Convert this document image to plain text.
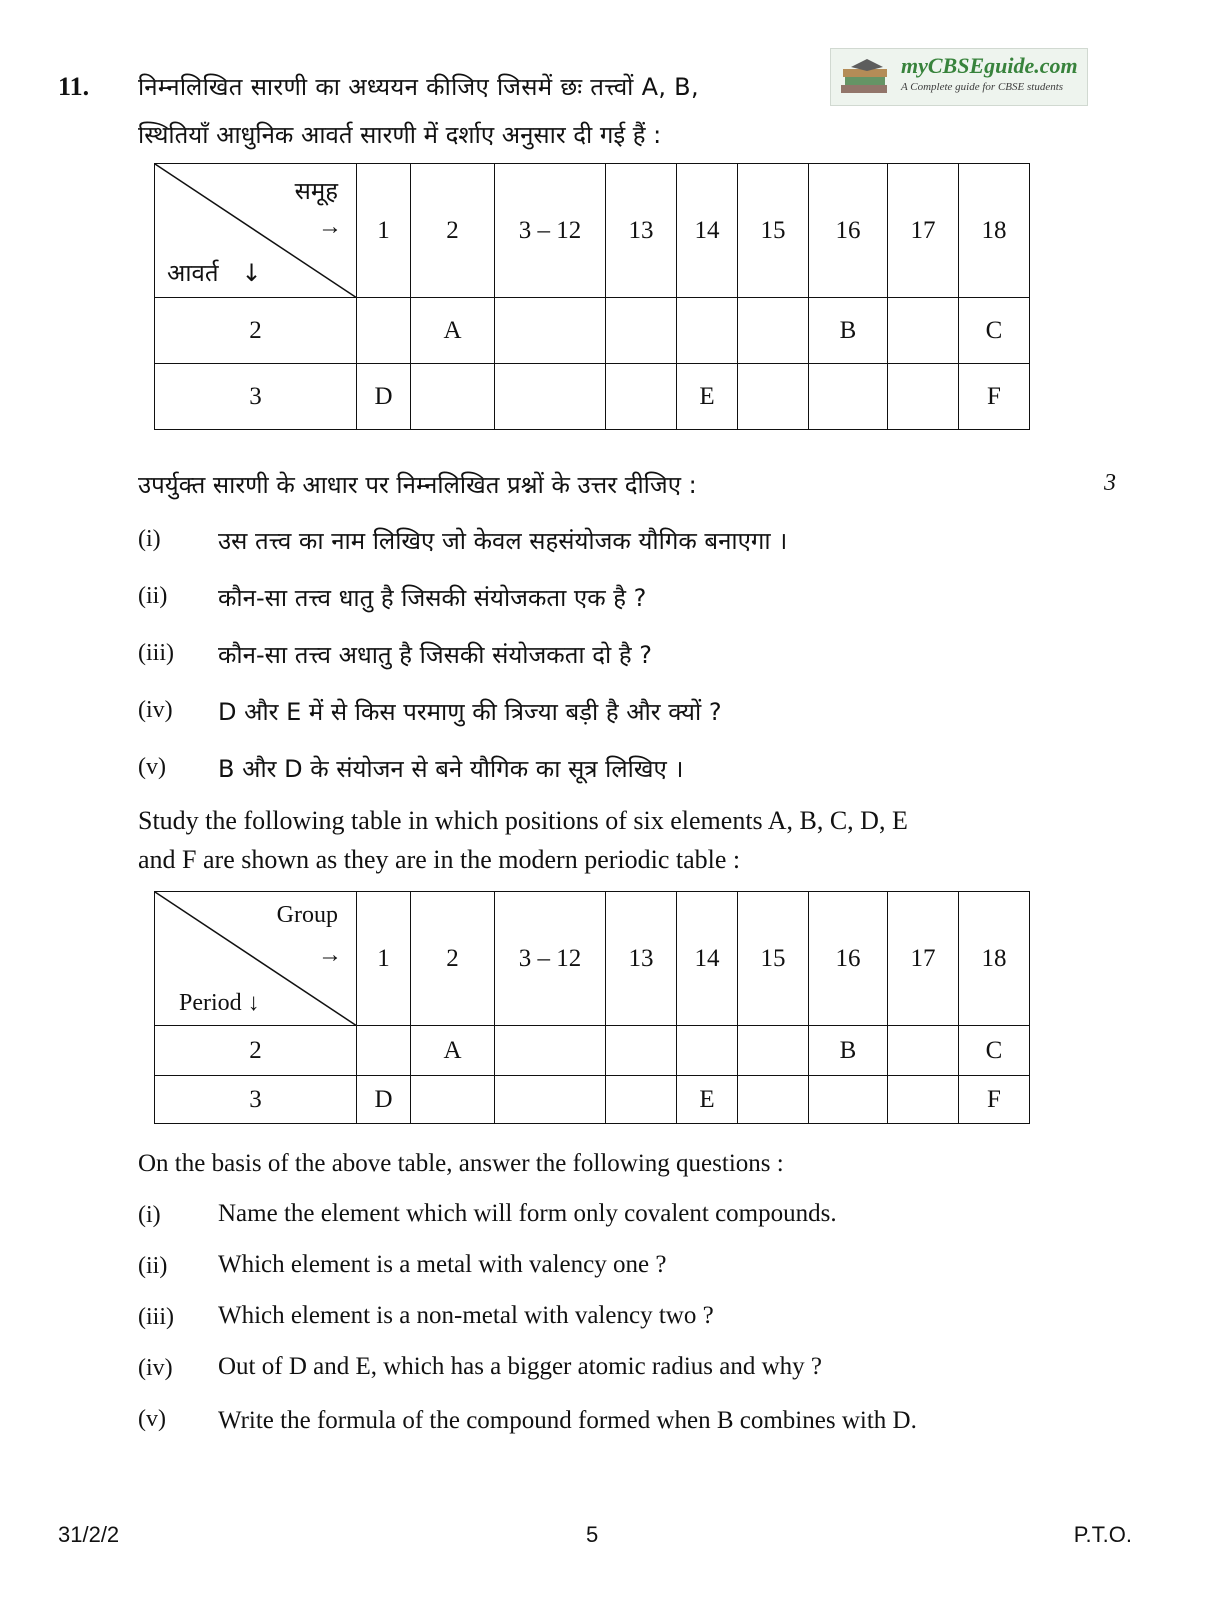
11. निम्नलिखित सारणी का अध्ययन कीजिए जिसमें छः तत्त्वों A, B,
स्थितियाँ आधुनिक आवर्त सारणी में दर्शाए अनुसार दी गई हैं :
myCBSEguide.com
A Complete guide for CBSE students
समूह
→
आवर्त ↓	1	2	3 – 12	13	14	15	16	17	18
2		A					B		C
3	D				E				F
उपर्युक्त सारणी के आधार पर निम्नलिखित प्रश्नों के उत्तर दीजिए :	3
(i) उस तत्त्व का नाम लिखिए जो केवल सहसंयोजक यौगिक बनाएगा ।
(ii) कौन-सा तत्त्व धातु है जिसकी संयोजकता एक है ?
(iii) कौन-सा तत्त्व अधातु है जिसकी संयोजकता दो है ?
(iv) D और E में से किस परमाणु की त्रिज्या बड़ी है और क्यों ?
(v) B और D के संयोजन से बने यौगिक का सूत्र लिखिए ।
Study the following table in which positions of six elements A, B, C, D, E
and F are shown as they are in the modern periodic table :
Group
→
Period ↓	1	2	3 – 12	13	14	15	16	17	18
2		A					B		C
3	D				E				F
On the basis of the above table, answer the following questions :
(i) Name the element which will form only covalent compounds.
(ii) Which element is a metal with valency one ?
(iii) Which element is a non-metal with valency two ?
(iv) Out of D and E, which has a bigger atomic radius and why ?
(v) Write the formula of the compound formed when B combines with D.
31/2/2	5	P.T.O.
